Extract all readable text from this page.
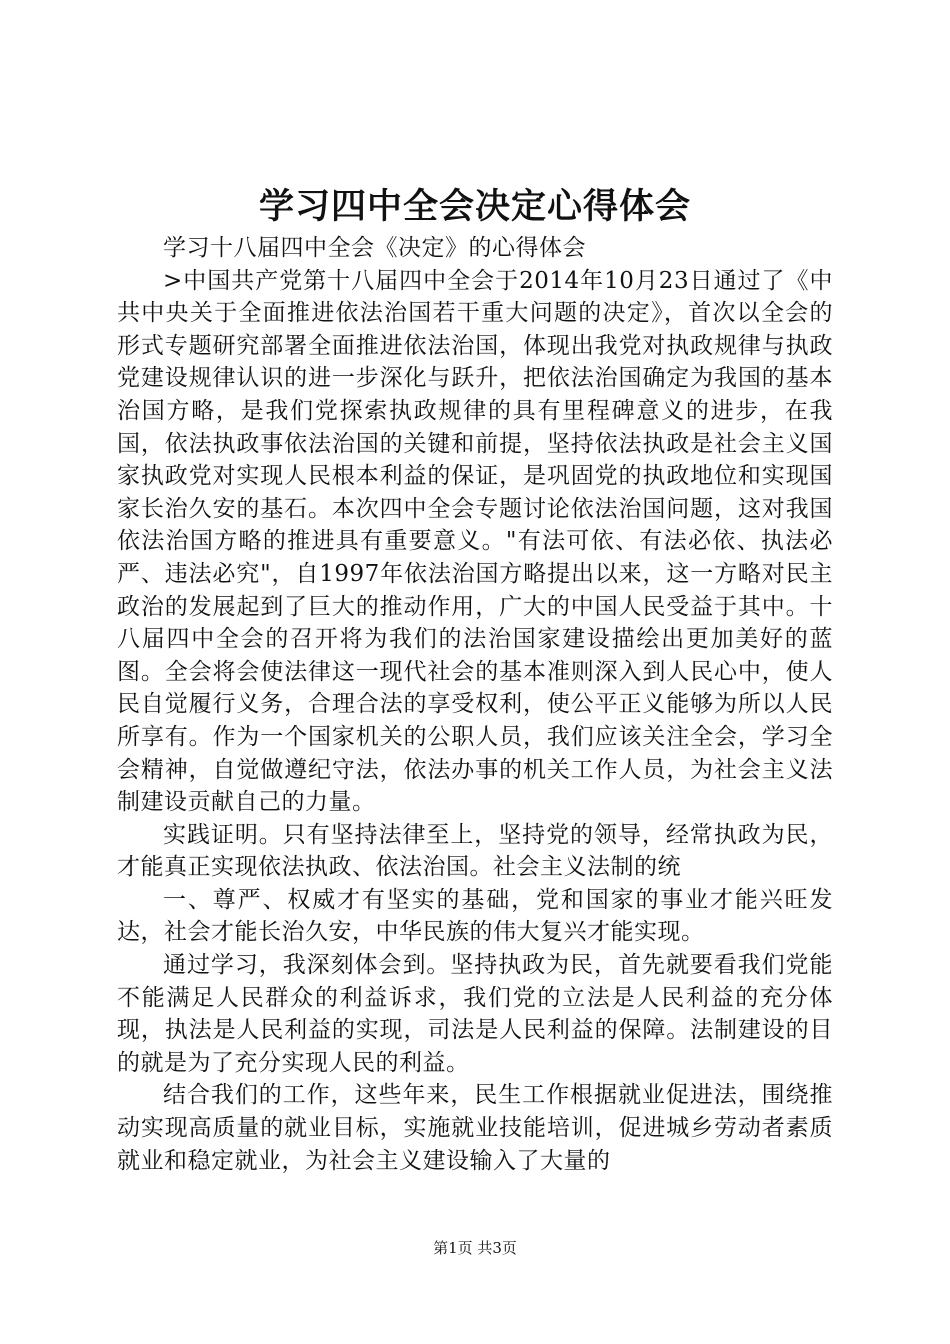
学习四中全会决定心得体会

学习十八届四中全会《决定》的心得体会

>中国共产党第十八届四中全会于2014年10月23日通过了《中共中央关于全面推进依法治国若干重大问题的决定》，首次以全会的形式专题研究部署全面推进依法治国，体现出我党对执政规律与执政党建设规律认识的进一步深化与跃升，把依法治国确定为我国的基本治国方略，是我们党探索执政规律的具有里程碑意义的进步，在我国，依法执政事依法治国的关键和前提，坚持依法执政是社会主义国家执政党对实现人民根本利益的保证，是巩固党的执政地位和实现国家长治久安的基石。本次四中全会专题讨论依法治国问题，这对我国依法治国方略的推进具有重要意义。"有法可依、有法必依、执法必严、违法必究"，自1997年依法治国方略提出以来，这一方略对民主政治的发展起到了巨大的推动作用，广大的中国人民受益于其中。十八届四中全会的召开将为我们的法治国家建设描绘出更加美好的蓝图。全会将会使法律这一现代社会的基本准则深入到人民心中，使人民自觉履行义务，合理合法的享受权利，使公平正义能够为所以人民所享有。作为一个国家机关的公职人员，我们应该关注全会，学习全会精神，自觉做遵纪守法，依法办事的机关工作人员，为社会主义法制建设贡献自己的力量。

实践证明。只有坚持法律至上，坚持党的领导，经常执政为民，才能真正实现依法执政、依法治国。社会主义法制的统

一、尊严、权威才有坚实的基础，党和国家的事业才能兴旺发达，社会才能长治久安，中华民族的伟大复兴才能实现。

通过学习，我深刻体会到。坚持执政为民，首先就要看我们党能不能满足人民群众的利益诉求，我们党的立法是人民利益的充分体现，执法是人民利益的实现，司法是人民利益的保障。法制建设的目的就是为了充分实现人民的利益。

结合我们的工作，这些年来，民生工作根据就业促进法，围绕推动实现高质量的就业目标，实施就业技能培训，促进城乡劳动者素质就业和稳定就业，为社会主义建设输入了大量的

第1页 共3页
